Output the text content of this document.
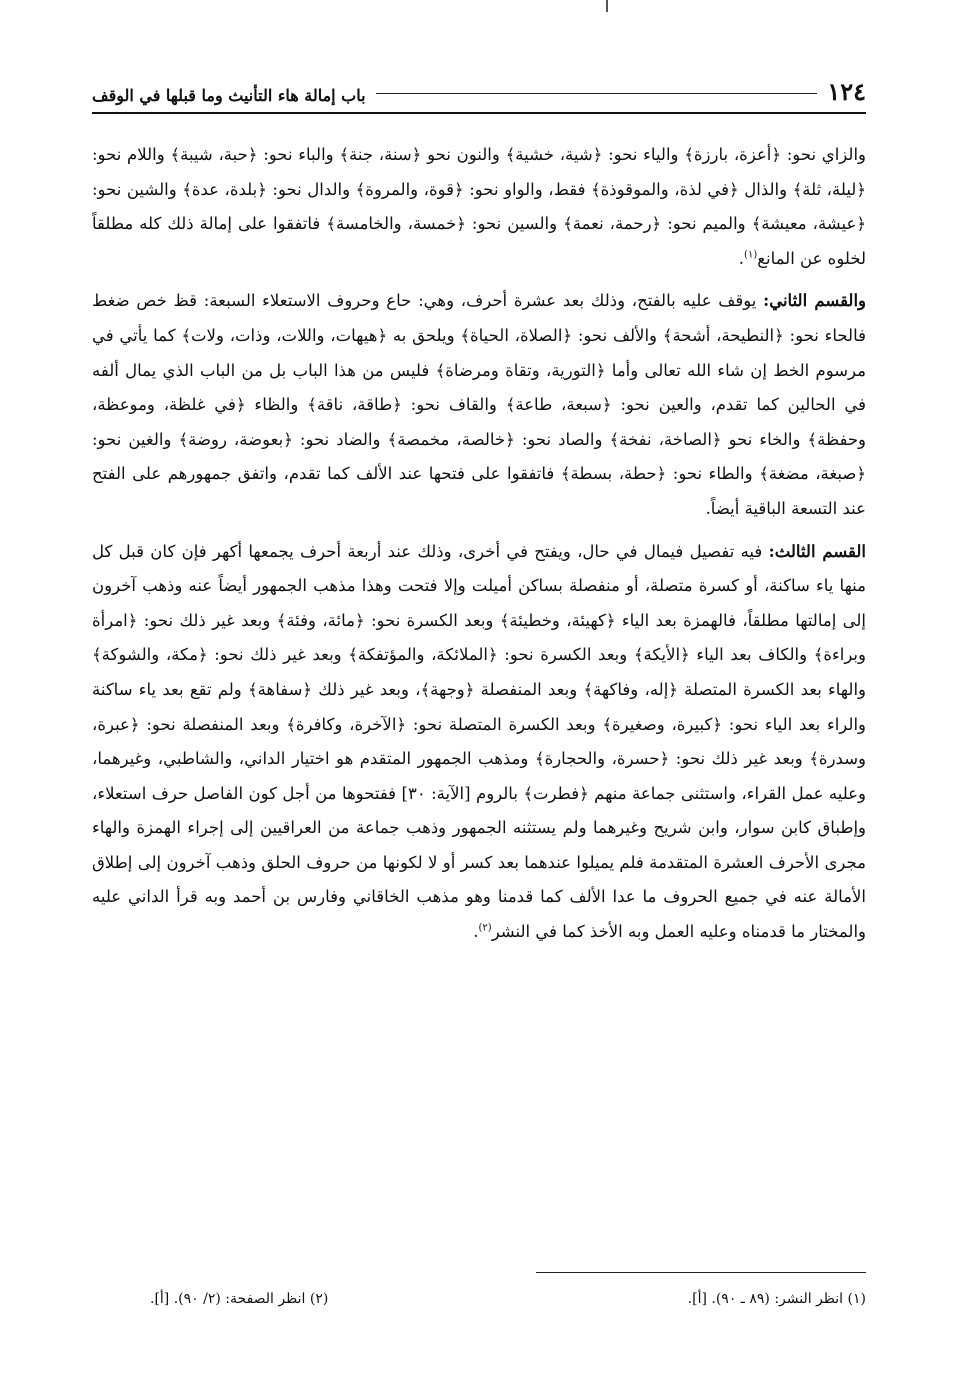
١٢٤
باب إمالة هاء التأنيث وما قبلها في الوقف

والزاي نحو: ﴿أعزة، بارزة﴾ والياء نحو: ﴿شية، خشية﴾ والنون نحو ﴿سنة، جنة﴾ والباء نحو: ﴿حبة، شيبة﴾ واللام نحو: ﴿ليلة، ثلة﴾ والذال ﴿في لذة، والموقوذة﴾ فقط، والواو نحو: ﴿قوة، والمروة﴾ والدال نحو: ﴿بلدة، عدة﴾ والشين نحو: ﴿عيشة، معيشة﴾ والميم نحو: ﴿رحمة، نعمة﴾ والسين نحو: ﴿خمسة، والخامسة﴾ فاتفقوا على إمالة ذلك كله مطلقاً لخلوه عن المانع$^{(١)}$.

والقسم الثاني: يوقف عليه بالفتح، وذلك بعد عشرة أحرف، وهي: حاع وحروف الاستعلاء السبعة: قظ خص ضغط فالحاء نحو: ﴿النطيحة، أشحة﴾ والألف نحو: ﴿الصلاة، الحياة﴾ ويلحق به ﴿هيهات، واللات، وذات، ولات﴾ كما يأتي في مرسوم الخط إن شاء الله تعالى وأما ﴿التورية، وتقاة ومرضاة﴾ فليس من هذا الباب بل من الباب الذي يمال ألفه في الحالين كما تقدم، والعين نحو: ﴿سبعة، طاعة﴾ والقاف نحو: ﴿طاقة، ناقة﴾ والظاء ﴿في غلظة، وموعظة، وحفظة﴾ والخاء نحو ﴿الصاخة، نفخة﴾ والصاد نحو: ﴿خالصة، مخمصة﴾ والضاد نحو: ﴿بعوضة، روضة﴾ والغين نحو: ﴿صبغة، مضغة﴾ والطاء نحو: ﴿حطة، بسطة﴾ فاتفقوا على فتحها عند الألف كما تقدم، واتفق جمهورهم على الفتح عند التسعة الباقية أيضاً.

القسم الثالث: فيه تفصيل فيمال في حال، ويفتح في أخرى، وذلك عند أربعة أحرف يجمعها أكهر فإن كان قبل كل منها ياء ساكنة، أو كسرة متصلة، أو منفصلة بساكن أميلت وإلا فتحت وهذا مذهب الجمهور أيضاً عنه وذهب آخرون إلى إمالتها مطلقاً، فالهمزة بعد الياء ﴿كهيئة، وخطيئة﴾ وبعد الكسرة نحو: ﴿مائة، وفئة﴾ وبعد غير ذلك نحو: ﴿امرأة وبراءة﴾ والكاف بعد الياء ﴿الأيكة﴾ وبعد الكسرة نحو: ﴿الملائكة، والمؤتفكة﴾ وبعد غير ذلك نحو: ﴿مكة، والشوكة﴾ والهاء بعد الكسرة المتصلة ﴿إله، وفاكهة﴾ وبعد المنفصلة ﴿وجهة﴾، وبعد غير ذلك ﴿سفاهة﴾ ولم تقع بعد ياء ساكنة والراء بعد الياء نحو: ﴿كبيرة، وصغيرة﴾ وبعد الكسرة المتصلة نحو: ﴿الآخرة، وكافرة﴾ وبعد المنفصلة نحو: ﴿عبرة، وسدرة﴾ وبعد غير ذلك نحو: ﴿حسرة، والحجارة﴾ ومذهب الجمهور المتقدم هو اختيار الداني، والشاطبي، وغيرهما، وعليه عمل القراء، واستثنى جماعة منهم ﴿فطرت﴾ بالروم [الآية: ٣٠] ففتحوها من أجل كون الفاصل حرف استعلاء، وإطباق كابن سوار، وابن شريح وغيرهما ولم يستثنه الجمهور وذهب جماعة من العراقيين إلى إجراء الهمزة والهاء مجرى الأحرف العشرة المتقدمة فلم يميلوا عندهما بعد كسر أو لا لكونها من حروف الحلق وذهب آخرون إلى إطلاق الأمالة عنه في جميع الحروف ما عدا الألف كما قدمنا وهو مذهب الخاقاني وفارس بن أحمد وبه قرأ الداني عليه والمختار ما قدمناه وعليه العمل وبه الأخذ كما في النشر$^{(٢)}$.

(١) انظر النشر: (٨٩ ـ ٩٠). [أ].
(٢) انظر الصفحة: (٢/ ٩٠). [أ].
